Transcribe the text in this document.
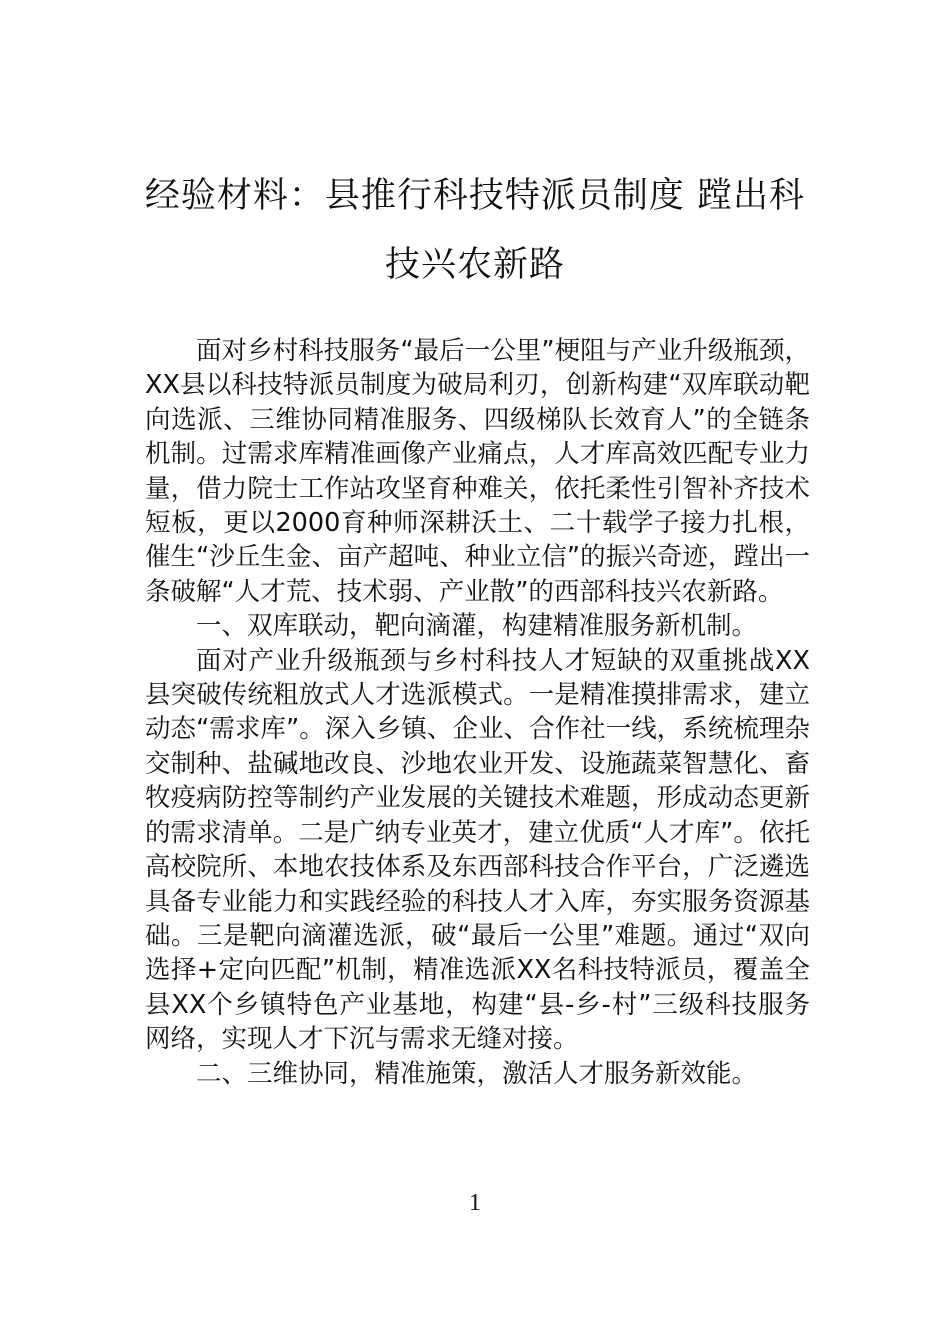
经验材料：县推行科技特派员制度 蹚出科
技兴农新路

面对乡村科技服务“最后一公里”梗阻与产业升级瓶颈，XX县以科技特派员制度为破局利刃，创新构建“双库联动靶向选派、三维协同精准服务、四级梯队长效育人”的全链条机制。过需求库精准画像产业痛点，人才库高效匹配专业力量，借力院士工作站攻坚育种难关，依托柔性引智补齐技术短板，更以2000育种师深耕沃土、二十载学子接力扎根，催生“沙丘生金、亩产超吨、种业立信”的振兴奇迹，蹚出一条破解“人才荒、技术弱、产业散”的西部科技兴农新路。

一、双库联动，靶向滴灌，构建精准服务新机制。

面对产业升级瓶颈与乡村科技人才短缺的双重挑战XX县突破传统粗放式人才选派模式。一是精准摸排需求，建立动态“需求库”。深入乡镇、企业、合作社一线，系统梳理杂交制种、盐碱地改良、沙地农业开发、设施蔬菜智慧化、畜牧疫病防控等制约产业发展的关键技术难题，形成动态更新的需求清单。二是广纳专业英才，建立优质“人才库”。依托高校院所、本地农技体系及东西部科技合作平台，广泛遴选具备专业能力和实践经验的科技人才入库，夯实服务资源基础。三是靶向滴灌选派，破“最后一公里”难题。通过“双向选择+定向匹配”机制，精准选派XX名科技特派员，覆盖全县XX个乡镇特色产业基地，构建“县-乡-村”三级科技服务网络，实现人才下沉与需求无缝对接。

二、三维协同，精准施策，激活人才服务新效能。

1
